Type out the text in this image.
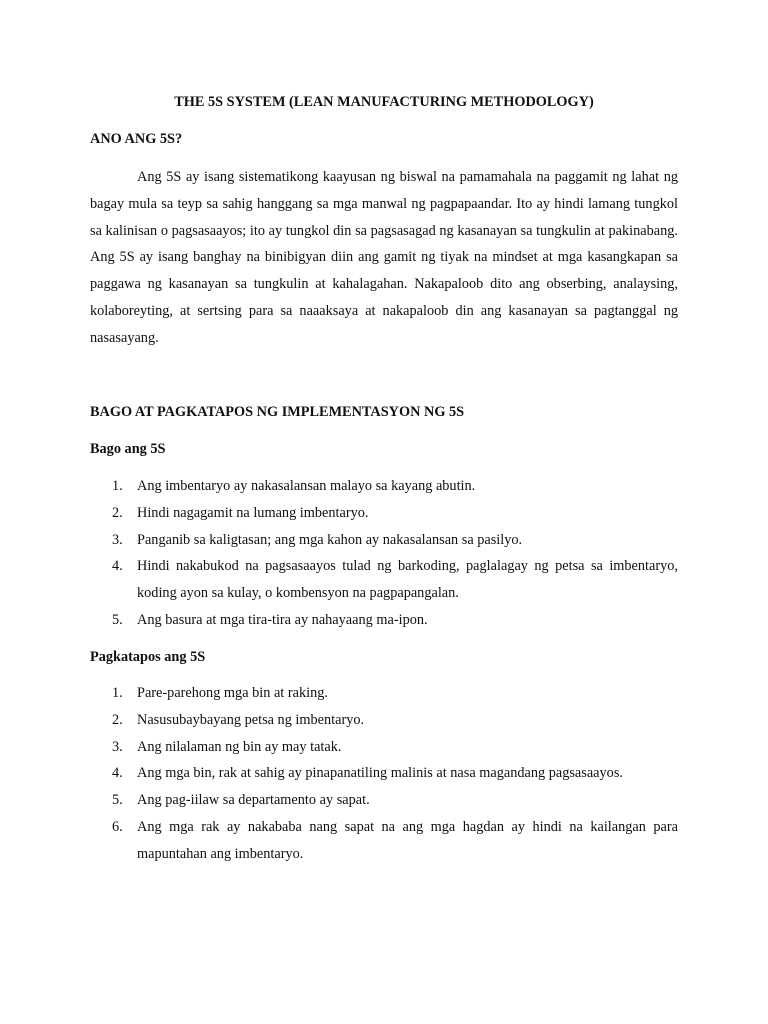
THE 5S SYSTEM (LEAN MANUFACTURING METHODOLOGY)
ANO ANG 5S?

Ang 5S ay isang sistematikong kaayusan ng biswal na pamamahala na paggamit ng lahat ng bagay mula sa teyp sa sahig hanggang sa mga manwal ng pagpapaandar. Ito ay hindi lamang tungkol sa kalinisan o pagsasaayos; ito ay tungkol din sa pagsasagad ng kasanayan sa tungkulin at pakinabang. Ang 5S ay isang banghay na binibigyan diin ang gamit ng tiyak na mindset at mga kasangkapan sa paggawa ng kasanayan sa tungkulin at kahalagahan. Nakapaloob dito ang obserbing, analaysing, kolaboreyting, at sertsing para sa naaaksaya at nakapaloob din ang kasanayan sa pagtanggal ng nasasayang.

BAGO AT PAGKATAPOS NG IMPLEMENTASYON NG 5S
Bago ang 5S
1. Ang imbentaryo ay nakasalansan malayo sa kayang abutin.
2. Hindi nagagamit na lumang imbentaryo.
3. Panganib sa kaligtasan; ang mga kahon ay nakasalansan sa pasilyo.
4. Hindi nakabukod na pagsasaayos tulad ng barkoding, paglalagay ng petsa sa imbentaryo, koding ayon sa kulay, o kombensyon na pagpapangalan.
5. Ang basura at mga tira-tira ay nahayaang ma-ipon.
Pagkatapos ang 5S
1. Pare-parehong mga bin at raking.
2. Nasusubaybayang petsa ng imbentaryo.
3. Ang nilalaman ng bin ay may tatak.
4. Ang mga bin, rak at sahig ay pinapanatiling malinis at nasa magandang pagsasaayos.
5. Ang pag-iilaw sa departamento ay sapat.
6. Ang mga rak ay nakababa nang sapat na ang mga hagdan ay hindi na kailangan para mapuntahan ang imbentaryo.
